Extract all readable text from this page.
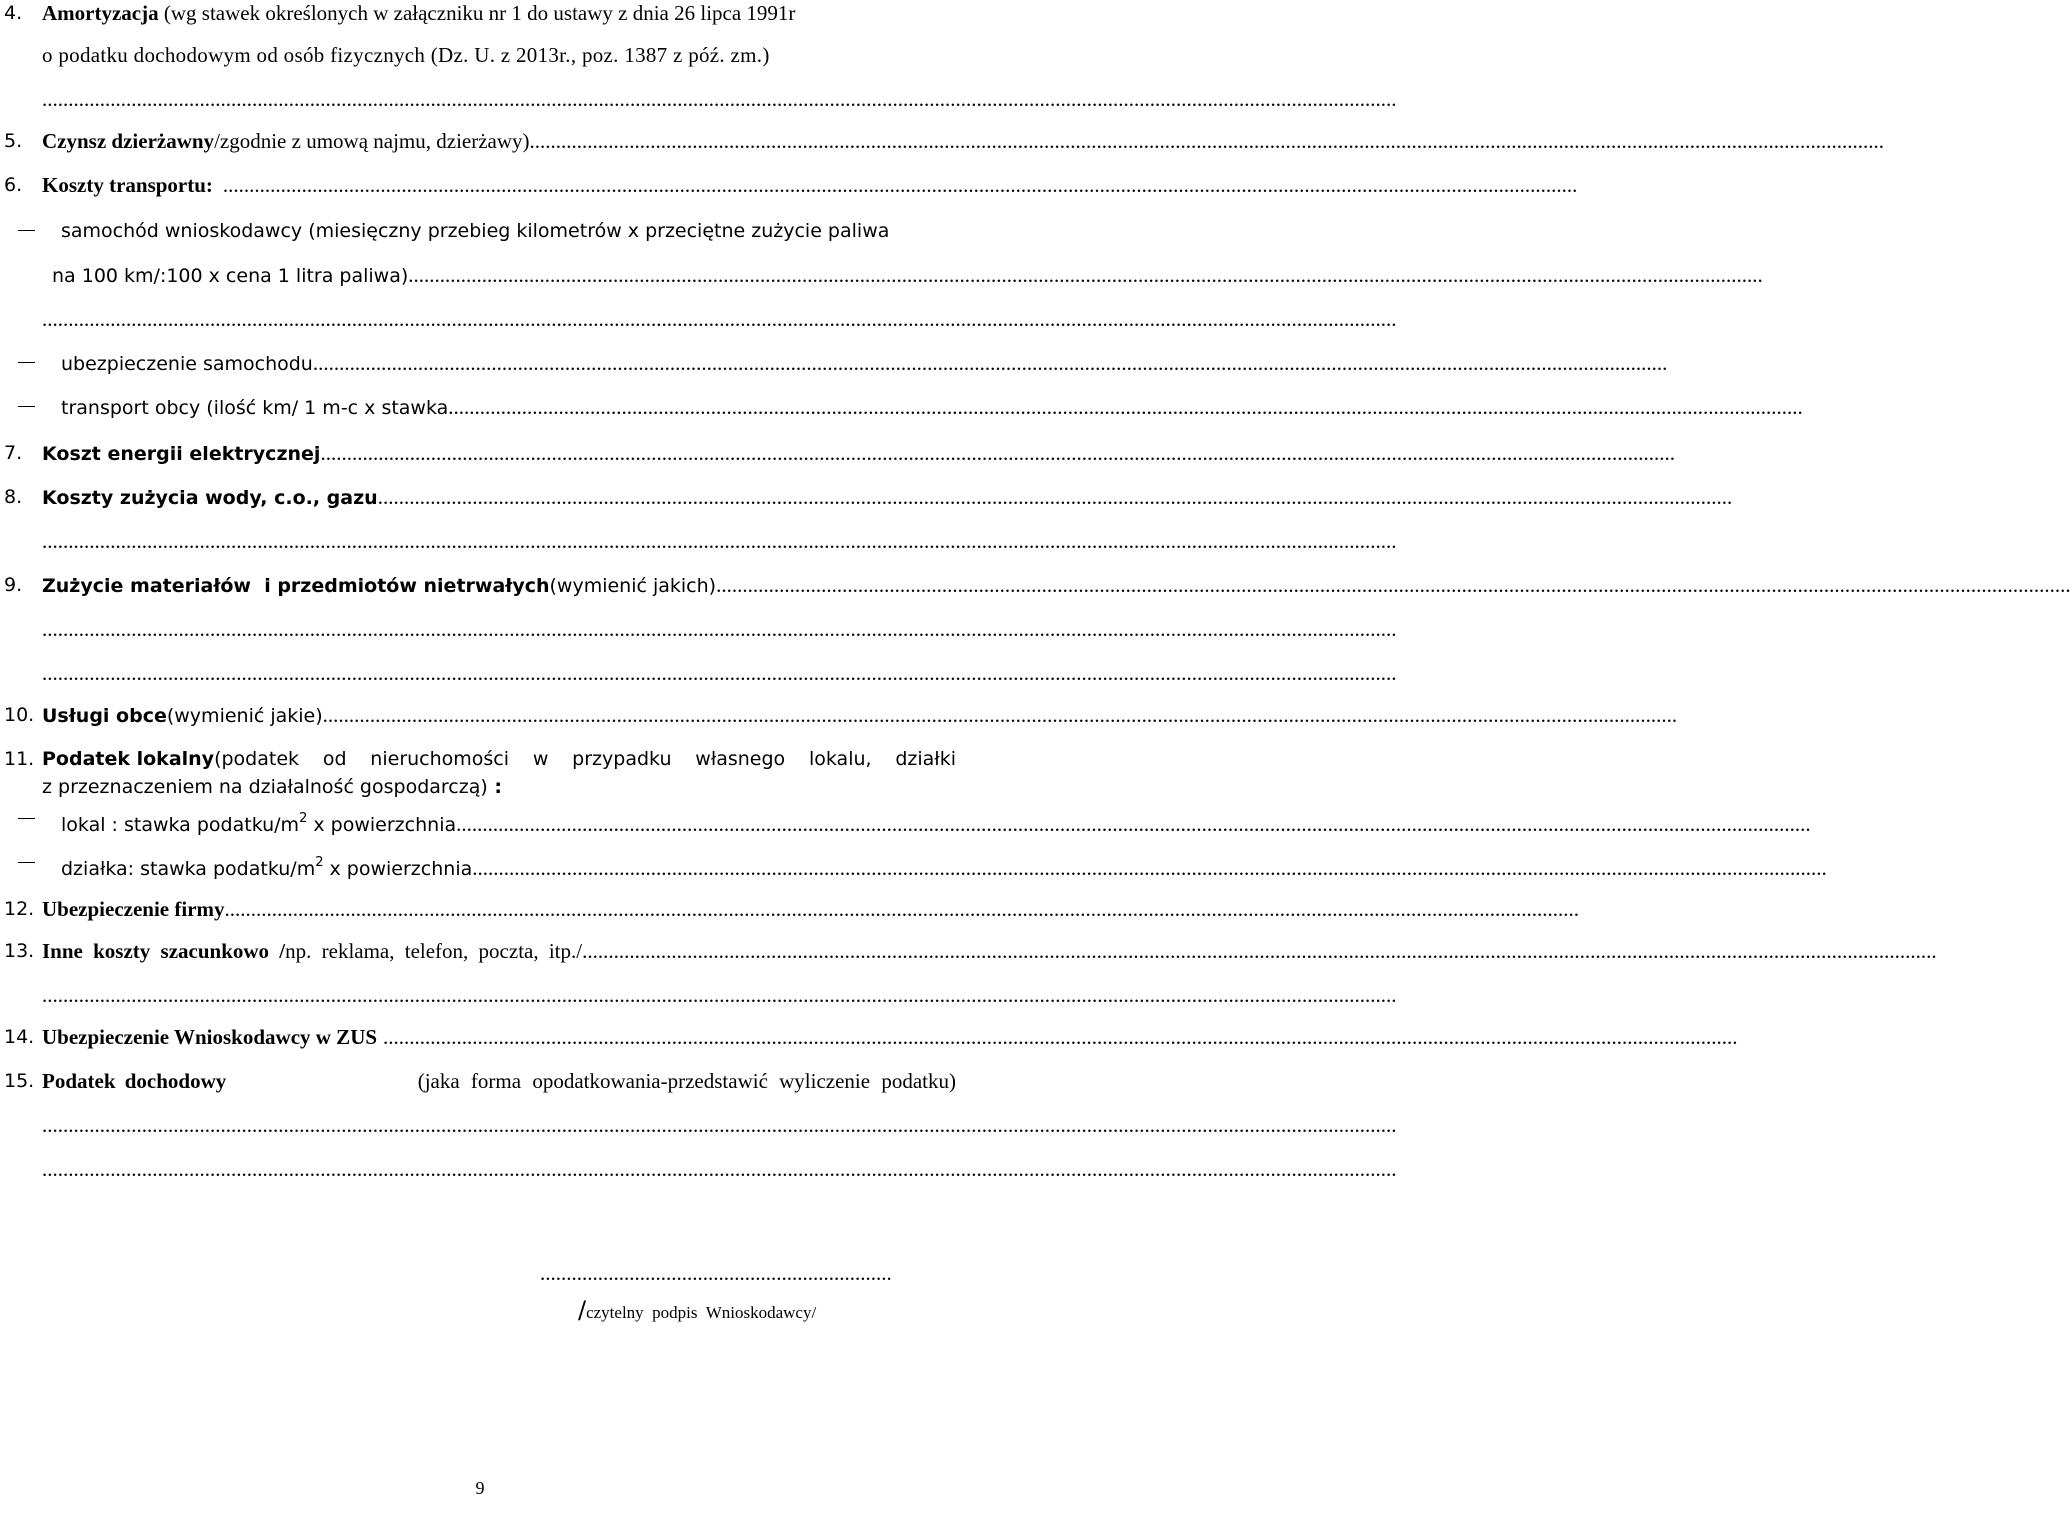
4. Amortyzacja (wg stawek określonych w załączniku nr 1 do ustawy z dnia 26 lipca 1991r
o podatku dochodowym od osób fizycznych (Dz. U. z 2013r., poz. 1387 z póź. zm.)
..................................................................................................................................................................................................................................................................
5. Czynsz dzierżawny /zgodnie z umową najmu, dzierżawy) ..................................................................................................................................................................................................................................................................
6. Koszty transportu: ..................................................................................................................................................................................................................................................................
samochód wnioskodawcy (miesięczny przebieg kilometrów x przeciętne zużycie paliwa
na 100 km/:100 x cena 1 litra paliwa) ..................................................................................................................................................................................................................................................................
..................................................................................................................................................................................................................................................................
ubezpieczenie samochodu ..................................................................................................................................................................................................................................................................
transport obcy (ilość km/ 1 m-c x stawka ..................................................................................................................................................................................................................................................................
7. Koszt energii elektrycznej ..................................................................................................................................................................................................................................................................
8. Koszty zużycia wody, c.o., gazu ..................................................................................................................................................................................................................................................................
..................................................................................................................................................................................................................................................................
9. Zużycie materiałów  i przedmiotów nietrwałych (wymienić jakich) ..................................................................................................................................................................................................................................................................
..................................................................................................................................................................................................................................................................
..................................................................................................................................................................................................................................................................
10. Usługi obce (wymienić jakie) ..................................................................................................................................................................................................................................................................
11. Podatek lokalny (podatek od nieruchomości w przypadku własnego lokalu, działki
z przeznaczeniem na działalność gospodarczą) :
lokal : stawka podatku/$m^2$ x powierzchnia ..................................................................................................................................................................................................................................................................
działka: stawka podatku/$m^2$ x powierzchnia ..................................................................................................................................................................................................................................................................
12. Ubezpieczenie firmy ..................................................................................................................................................................................................................................................................
13. Inne koszty szacunkowo / np. reklama, telefon, poczta, itp./ ..................................................................................................................................................................................................................................................................
..................................................................................................................................................................................................................................................................
14. Ubezpieczenie Wnioskodawcy w ZUS ..................................................................................................................................................................................................................................................................
15. Podatek dochodowy	(jaka forma opodatkowania-przedstawić wyliczenie podatku)
..................................................................................................................................................................................................................................................................
..................................................................................................................................................................................................................................................................
...................................................................
/czytelny  podpis  Wnioskodawcy/
9
